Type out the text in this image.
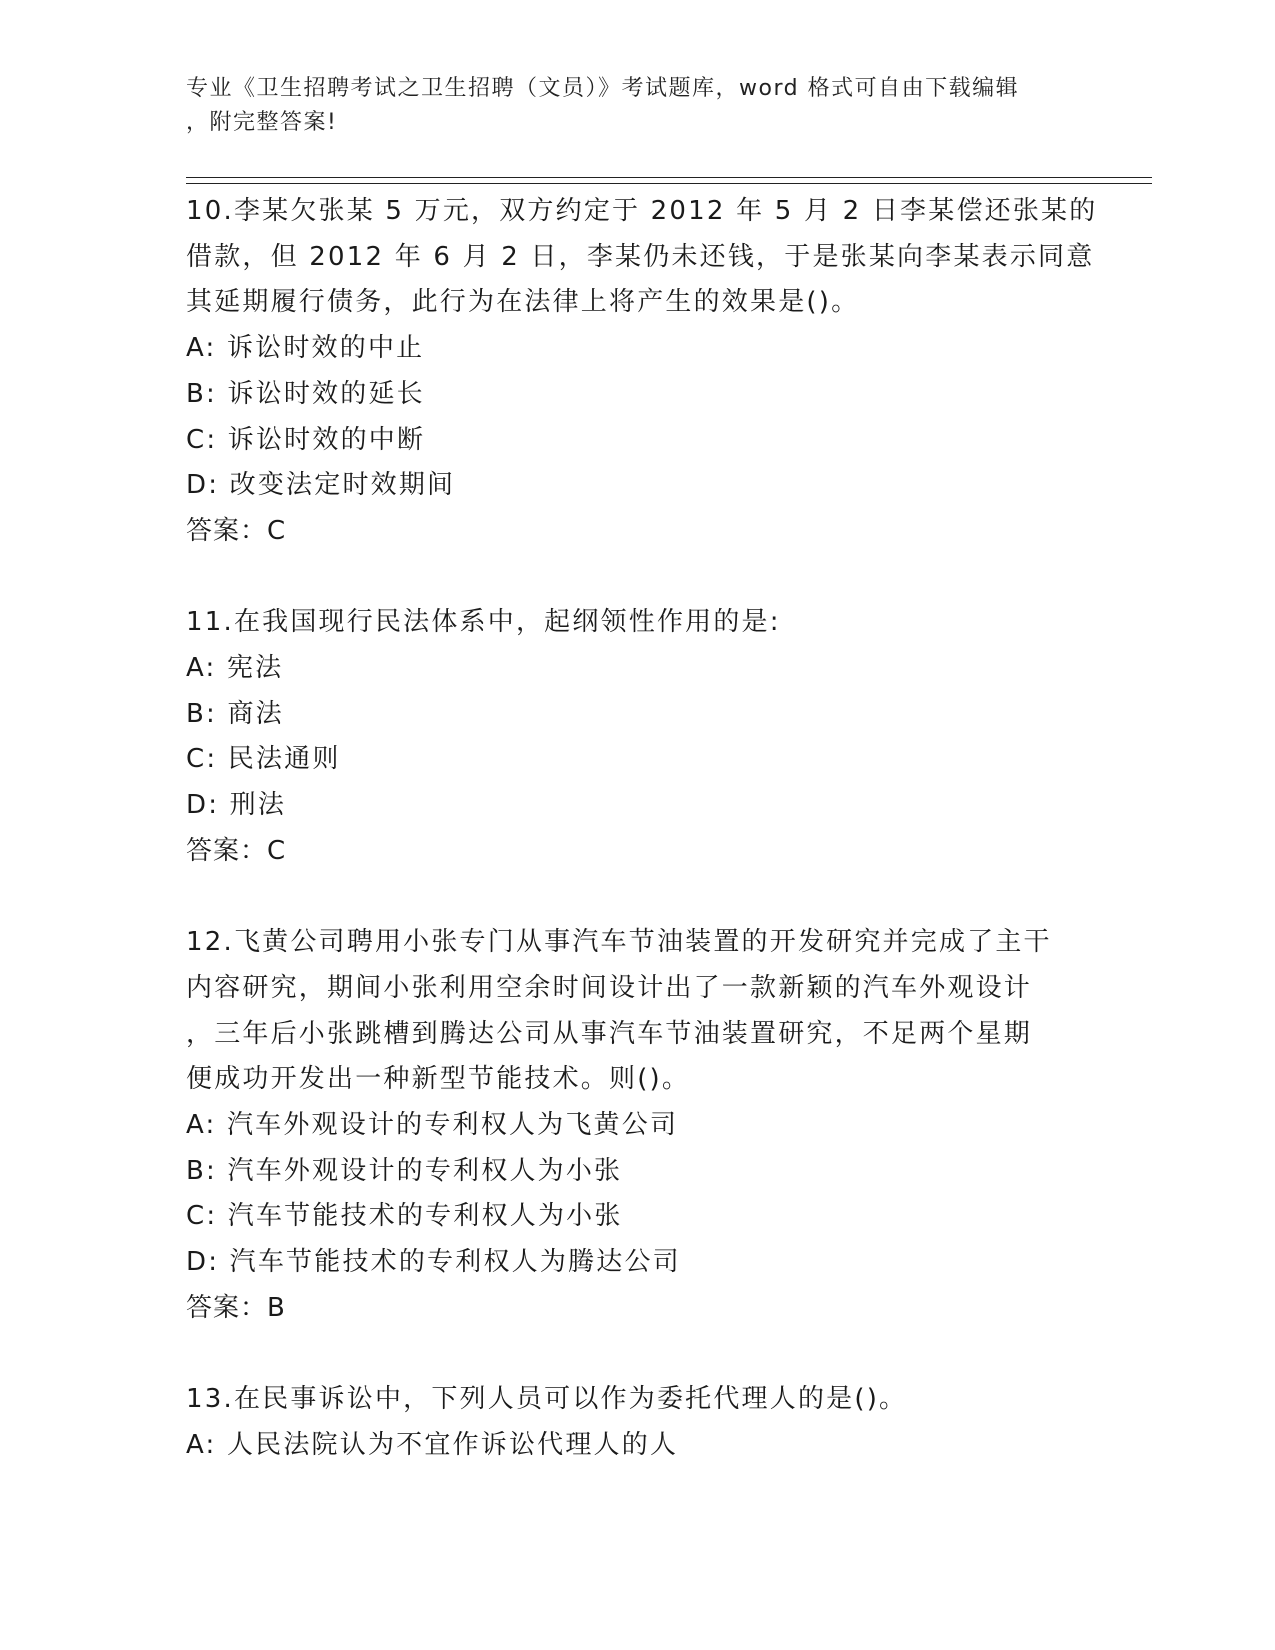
专业《卫生招聘考试之卫生招聘（文员）》考试题库，word 格式可自由下载编辑
，附完整答案!
10.李某欠张某 5 万元，双方约定于 2012 年 5 月 2 日李某偿还张某的
借款，但 2012 年 6 月 2 日，李某仍未还钱，于是张某向李某表示同意
其延期履行债务，此行为在法律上将产生的效果是()。
A: 诉讼时效的中止
B: 诉讼时效的延长
C: 诉讼时效的中断
D: 改变法定时效期间
答案：C
11.在我国现行民法体系中，起纲领性作用的是:
A: 宪法
B: 商法
C: 民法通则
D: 刑法
答案：C
12.飞黄公司聘用小张专门从事汽车节油装置的开发研究并完成了主干
内容研究，期间小张利用空余时间设计出了一款新颖的汽车外观设计
，三年后小张跳槽到腾达公司从事汽车节油装置研究，不足两个星期
便成功开发出一种新型节能技术。则()。
A: 汽车外观设计的专利权人为飞黄公司
B: 汽车外观设计的专利权人为小张
C: 汽车节能技术的专利权人为小张
D: 汽车节能技术的专利权人为腾达公司
答案：B
13.在民事诉讼中，下列人员可以作为委托代理人的是()。
A: 人民法院认为不宜作诉讼代理人的人
